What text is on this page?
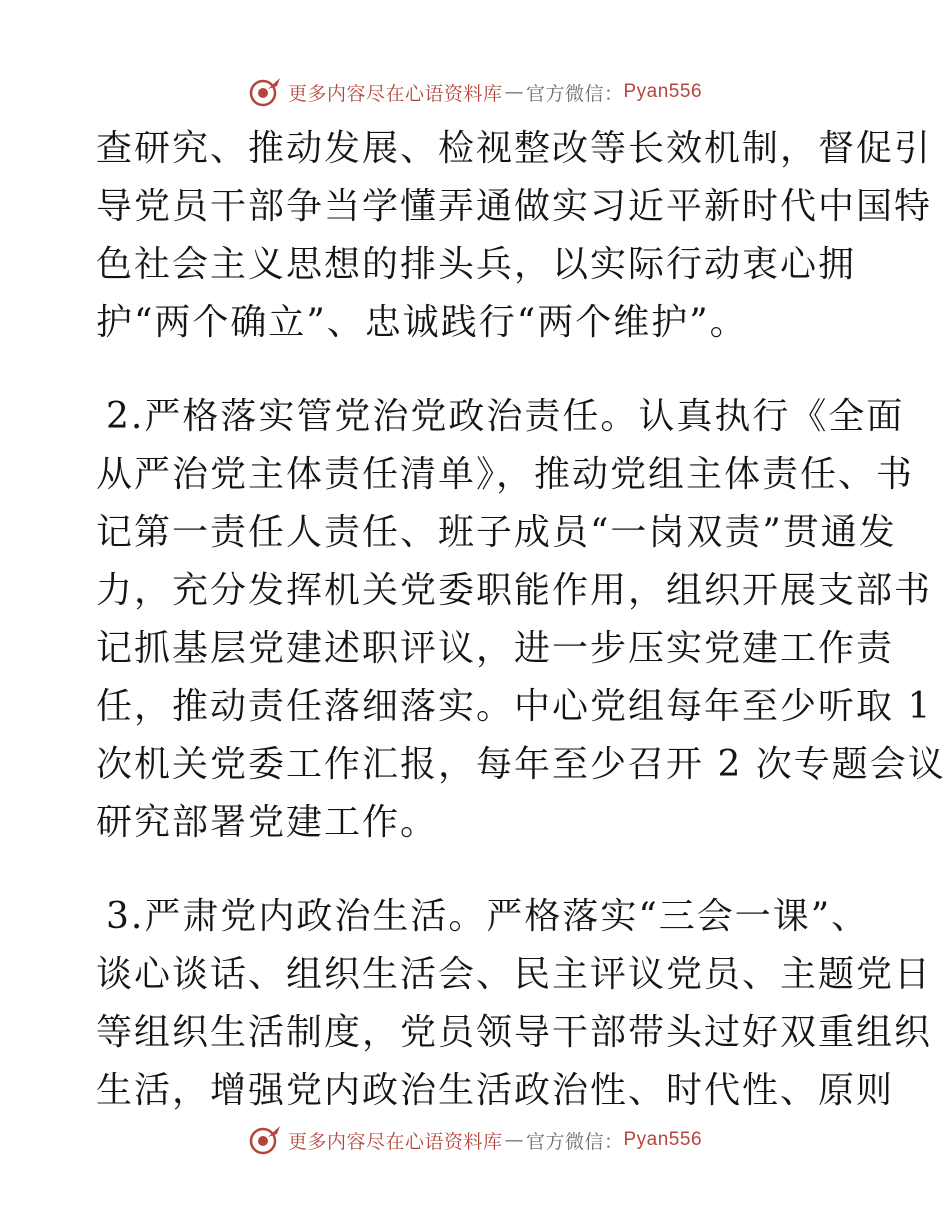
更多内容尽在心语资料库 — 官方微信： Pyan556
查研究、推动发展、检视整改等长效机制，督促引
导党员干部争当学懂弄通做实习近平新时代中国特
色社会主义思想的排头兵，以实际行动衷心拥
护“两个确立”、忠诚践行“两个维护”。
2.严格落实管党治党政治责任。认真执行《全面
从严治党主体责任清单》，推动党组主体责任、书
记第一责任人责任、班子成员“一岗双责”贯通发
力，充分发挥机关党委职能作用，组织开展支部书
记抓基层党建述职评议，进一步压实党建工作责
任，推动责任落细落实。中心党组每年至少听取 1
次机关党委工作汇报，每年至少召开 2 次专题会议
研究部署党建工作。
3.严肃党内政治生活。严格落实“三会一课”、
谈心谈话、组织生活会、民主评议党员、主题党日
等组织生活制度，党员领导干部带头过好双重组织
生活，增强党内政治生活政治性、时代性、原则
更多内容尽在心语资料库 — 官方微信： Pyan556
